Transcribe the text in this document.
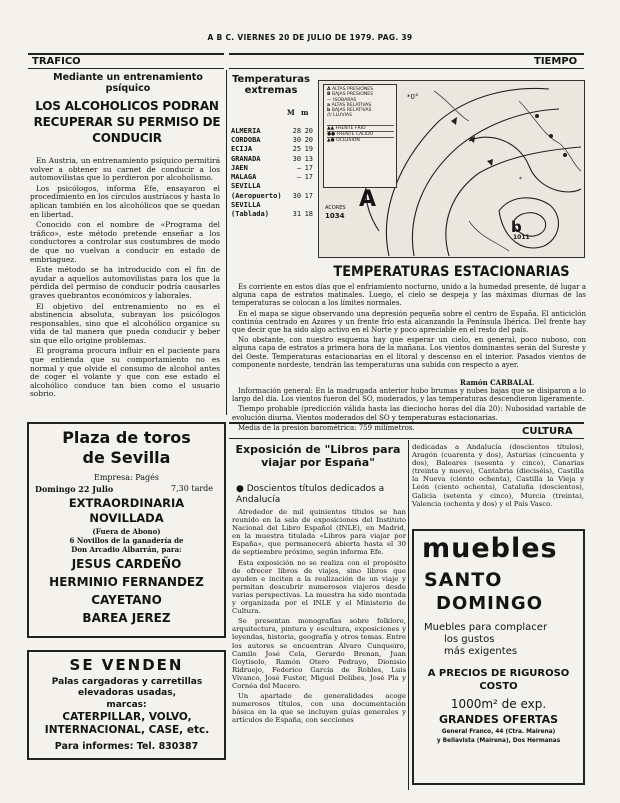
A B C. VIERNES 20 DE JULIO DE 1979. PAG. 39
TRAFICO	TIEMPO
Mediante un entrenamiento psíquico
LOS ALCOHOLICOS PODRAN RECUPERAR SU PERMISO DE CONDUCIR

En Austria, un entrenamiento psíquico permitirá volver a obtener su carnet de conducir a los automovilistas que lo perdieron por alcoholismo.

Los psicólogos, informa Efe, ensayaron el procedimiento en los círculos austríacos y hasta lo aplican también en los alcohólicos que se quedan en libertad.

Conocido con el nombre de «Programa del tráfico», este método pretende enseñar a los conductores a controlar sus costumbres de modo de que no vuelvan a conducir en estado de embriaguez.

Este método se ha introducido con el fin de ayudar a aquellos automovilistas para los que la pérdida del permiso de conducir podría causarles graves quebrantos económicos y laborales.

El objetivo del entrenamiento no es el abstinencia absoluta, subrayan los psicólogos responsables, sino que el alcohólico organice su vida de tal manera que pueda conducir y beber sin que ello origine problemas.

El programa procura influir en el paciente para que entienda que su comportamiento no es normal y que olvide el consumo de alcohol antes de coger el volante y que con ese estado el alcohólico conduce tan bien como el usuario sobrio.

Plaza de toros
de Sevilla
Empresa: Pagés
Domingo 22 Julio	7,30 tarde
EXTRAORDINARIA
NOVILLADA
(Fuera de Abono)
6 Novillos de la ganadería de
Don Arcadio Albarrán, para:
JESUS CARDEÑO
HERMINIO FERNANDEZ
CAYETANO
BAREA JEREZ
SE VENDEN
Palas cargadoras y carretillas elevadoras usadas,
marcas:
CATERPILLAR, VOLVO, INTERNACIONAL, CASE, etc.
Para informes: Tel. 830387
Temperaturas extremas
M m
ALMERIA	28	20
CORDOBA	30	20
ECIJA	25	19
GRANADA	30	13
JAEN	—	17
MALAGA	—	17
SEVILLA		
(Aeropuerto)	30	17
SEVILLA		
(Tablada)	31	18
*0°
*
A ALTAS PRESIONES
B BAJAS PRESIONES
— ISOBARAS
a ALTAS RELATIVAS
b BAJAS RELATIVAS
/// LLUVIAS
▲▲ FRENTE FRIO
●● FRENTE CALIDO
▲● OCLUSION
A
ACORES
1034
b
1011
TEMPERATURAS ESTACIONARIAS

Es corriente en estos días que el enfriamiento nocturno, unido a la humedad presente, dé lugar a alguna capa de estratos matinales. Luego, el cielo se despeja y las máximas diurnas de las temperaturas se colocan a los límites normales.

En el mapa se sigue observando una depresión pequeña sobre el centro de España. El anticiclón continúa centrado en Azores y un frente frío está alcanzando la Península Ibérica. Del frente hay que decir que ha sido algo activo en el Norte y poco apreciable en el resto del país.

No obstante, con nuestro esquema hay que esperar un cielo, en general, poco nuboso, con alguna capa de estratos a primera hora de la mañana. Los vientos dominantes serán del Sureste y del Oeste. Temperaturas estacionarias en el litoral y descenso en el interior. Pasados vientos de componente nordeste, tendrán las temperaturas una subida con respecto a ayer.

Ramón CARBALAL

Información general: En la madrugada anterior hubo brumas y nubes bajas que se disiparon a lo largo del día. Los vientos fueron del SO, moderados, y las temperaturas descendieron ligeramente.

Tiempo probable (predicción válida hasta las dieciocho horas del día 20): Nubosidad variable de evolución diurna. Vientos moderados del SO y temperaturas estacionarias.

Media de la presión barométrica: 759 milímetros.	CULTURA
Exposición de "Libros para viajar por España"
● Doscientos títulos dedicados a Andalucía

Alrededor de mil quinientos títulos se han reunido en la sala de exposiciones del Instituto Nacional del Libro Español (INLE), en Madrid, en la muestra titulada «Libros para viajar por España», que permanecerá abierta hasta el 30 de septiembre próximo, según informa Efe.

Esta exposición no se realiza con el propósito de ofrecer libros de viajes, sino libros que ayuden e inciten a la realización de un viaje y permitan descubrir numerosos viajeros desde varias perspectivas. La muestra ha sido montada y organizada por el INLE y el Ministerio de Cultura.

Se presentan monografías sobre folklore, arquitectura, pintura y escultura, exposiciones y leyendas, historia, geografía y otros temas. Entre los autores se encuentran Álvaro Cunqueiro, Camilo José Cela, Gerardo Brenan, Juan Goytisolo, Ramón Otero Pedrayo, Dionisio Ridruejo, Federico García de Robles, Luis Vivanco, José Fuster, Miguel Delibes, José Pla y Cornéa del Macero.

Un apartado de generalidades acoge numerosos títulos, con una documentación básica en la que se incluyen guías generales y artículos de España, con secciones

dedicadas a Andalucía (doscientos títulos), Aragón (cuarenta y dos), Asturias (cincuenta y dos), Baleares (sesenta y cinco), Canarias (treinta y nueve), Cantabria (dieciséis), Castilla la Nueva (ciento ochenta), Castilla la Vieja y León (ciento ochenta), Cataluña (doscientos), Galicia (setenta y cinco), Murcia (treinta), Valencia (ochenta y dos) y el País Vasco.

muebles
SANTO
DOMINGO
Muebles para complacer
los gustos
más exigentes
A PRECIOS DE RIGUROSO
COSTO
1000m² de exp.
GRANDES OFERTAS
General Franco, 44 (Ctra. Mairena)
y Bellavista (Mairena), Dos Hermanas
